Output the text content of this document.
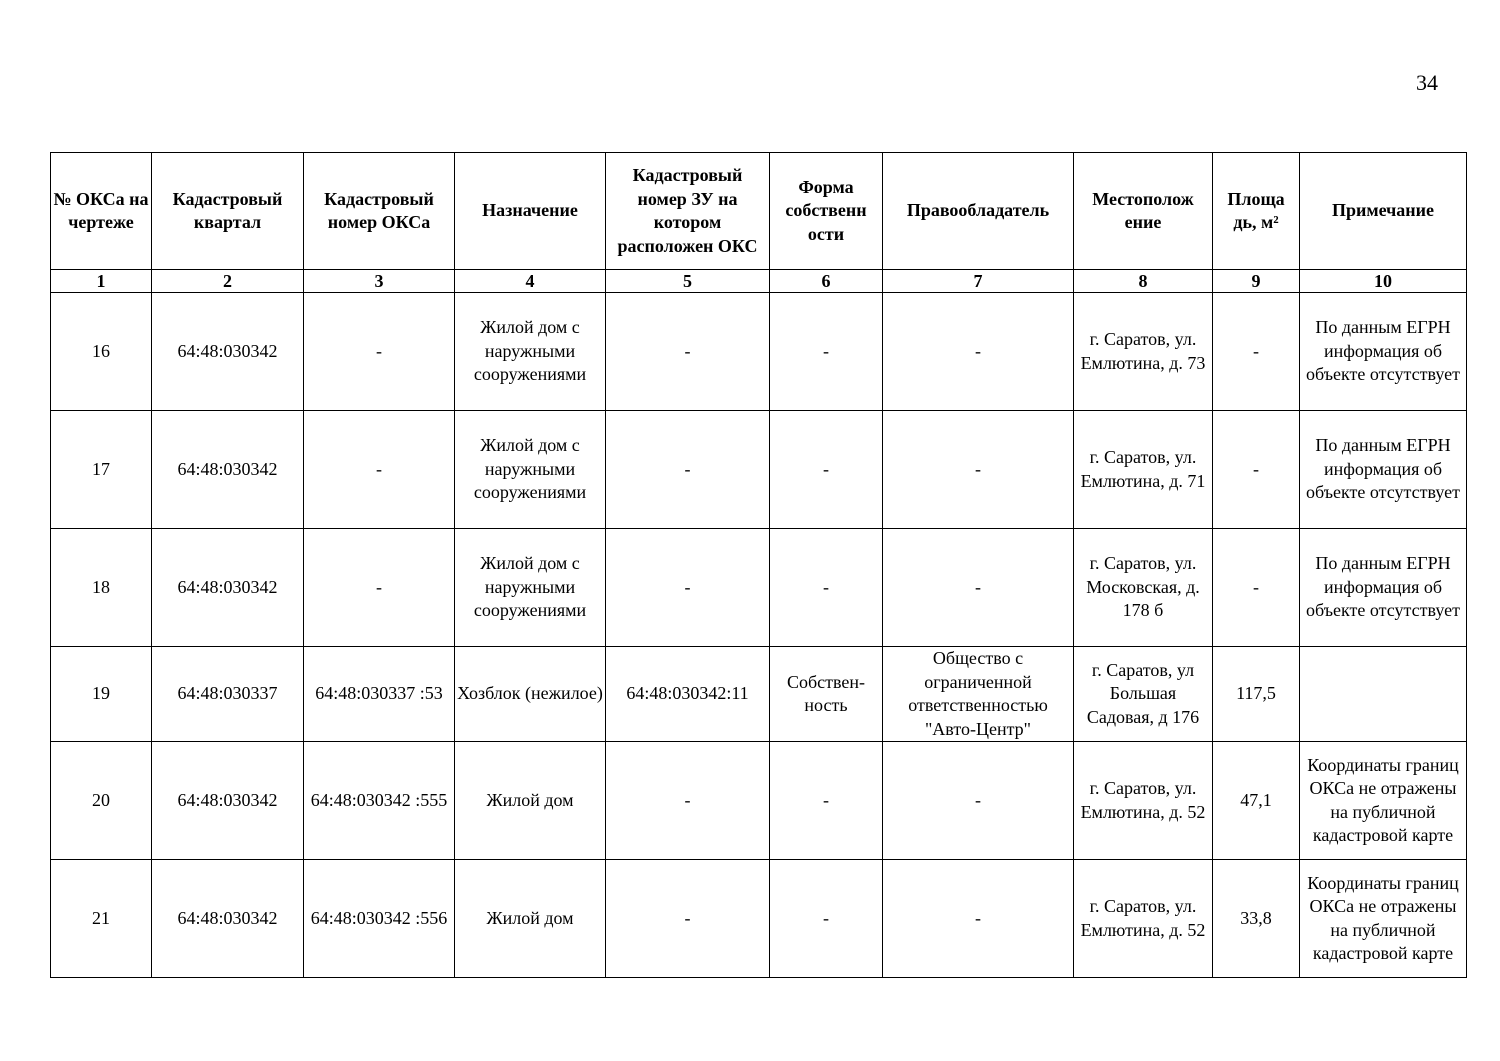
34
№ ОКСа на чертеже	Кадастровый квартал	Кадастровый номер ОКСа	Назначение	Кадастровый номер ЗУ на котором расположен ОКС	Форма собственн ости	Правообладатель	Местополож ение	Площа дь, м²	Примечание
1	2	3	4	5	6	7	8	9	10
16	64:48:030342	-	Жилой дом с наружными сооружениями	-	-	-	г. Саратов, ул. Емлютина, д. 73	-	По данным ЕГРН информация об объекте отсутствует
17	64:48:030342	-	Жилой дом с наружными сооружениями	-	-	-	г. Саратов, ул. Емлютина, д. 71	-	По данным ЕГРН информация об объекте отсутствует
18	64:48:030342	-	Жилой дом с наружными сооружениями	-	-	-	г. Саратов, ул. Московская, д. 178 б	-	По данным ЕГРН информация об объекте отсутствует
19	64:48:030337	64:48:030337 :53	Хозблок (нежилое)	64:48:030342:11	Собствен-ность	Общество с ограниченной ответственностью "Авто-Центр"	г. Саратов, ул Большая Садовая, д 176	117,5	
20	64:48:030342	64:48:030342 :555	Жилой дом	-	-	-	г. Саратов, ул. Емлютина, д. 52	47,1	Координаты границ ОКСа не отражены на публичной кадастровой карте
21	64:48:030342	64:48:030342 :556	Жилой дом	-	-	-	г. Саратов, ул. Емлютина, д. 52	33,8	Координаты границ ОКСа не отражены на публичной кадастровой карте
